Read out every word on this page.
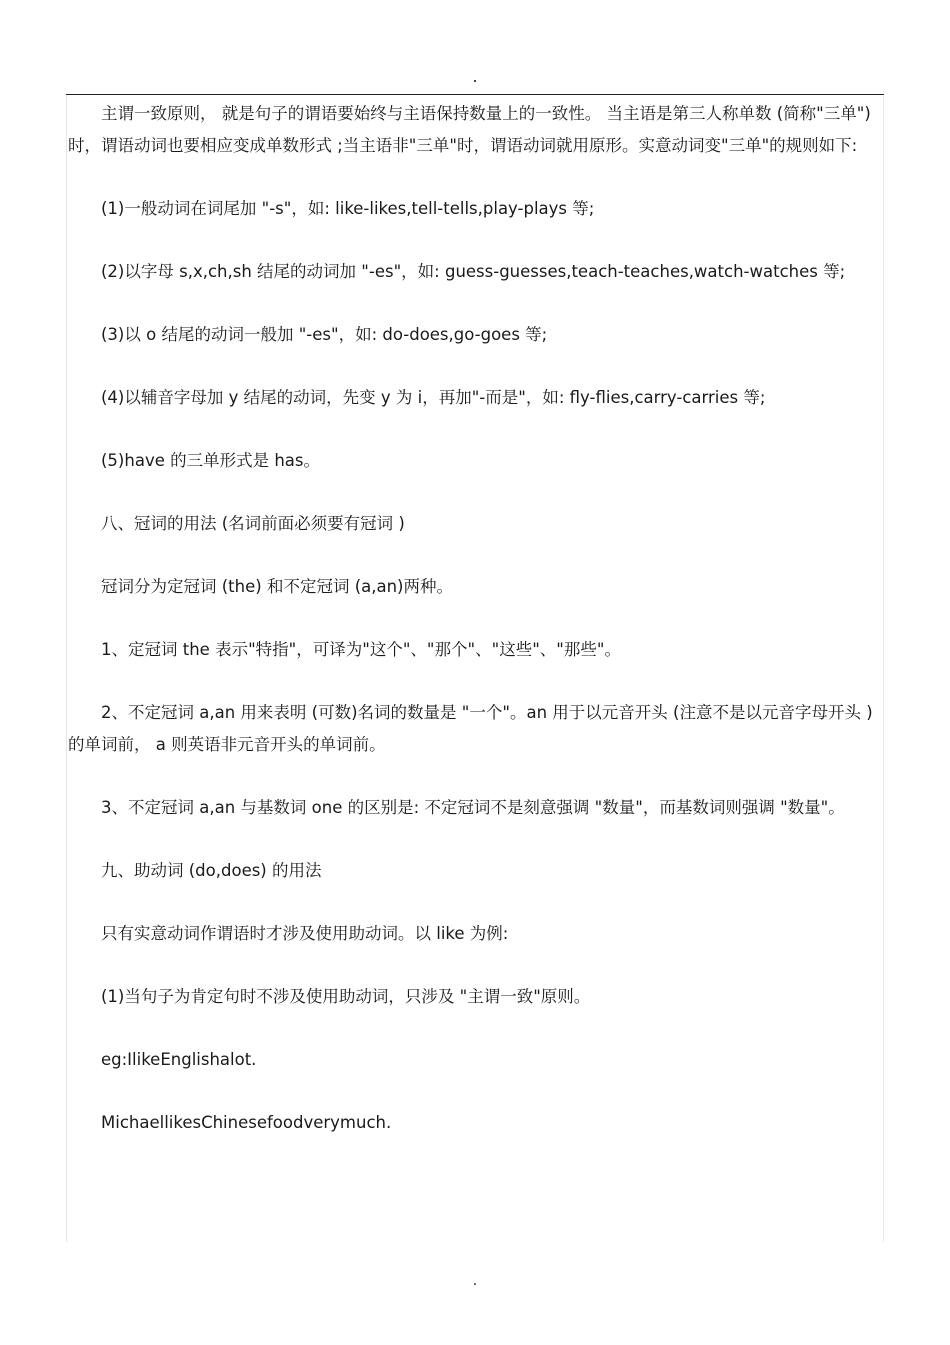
.

主谓一致原则， 就是句子的谓语要始终与主语保持数量上的一致性。 当主语是第三人称单数 (简称"三单")时，谓语动词也要相应变成单数形式 ;当主语非"三单"时，谓语动词就用原形。实意动词变"三单"的规则如下:

(1)一般动词在词尾加 "-s"，如: like-likes,tell-tells,play-plays 等;

(2)以字母 s,x,ch,sh 结尾的动词加 "-es"，如: guess-guesses,teach-teaches,watch-watches 等;

(3)以 o 结尾的动词一般加 "-es"，如: do-does,go-goes 等;

(4)以辅音字母加 y 结尾的动词，先变 y 为 i，再加"-而是"，如: fly-flies,carry-carries 等;

(5)have 的三单形式是 has。

八、冠词的用法 (名词前面必须要有冠词 )

冠词分为定冠词 (the) 和不定冠词 (a,an)两种。

1、定冠词 the 表示"特指"，可译为"这个"、"那个"、"这些"、"那些"。

2、不定冠词 a,an 用来表明 (可数)名词的数量是 "一个"。an 用于以元音开头 (注意不是以元音字母开头 )的单词前， a 则英语非元音开头的单词前。

3、不定冠词 a,an 与基数词 one 的区别是: 不定冠词不是刻意强调 "数量"，而基数词则强调 "数量"。

九、助动词 (do,does) 的用法

只有实意动词作谓语时才涉及使用助动词。以 like 为例:

(1)当句子为肯定句时不涉及使用助动词，只涉及 "主谓一致"原则。

eg:IlikeEnglishalot.

MichaellikesChinesefoodverymuch.

.
